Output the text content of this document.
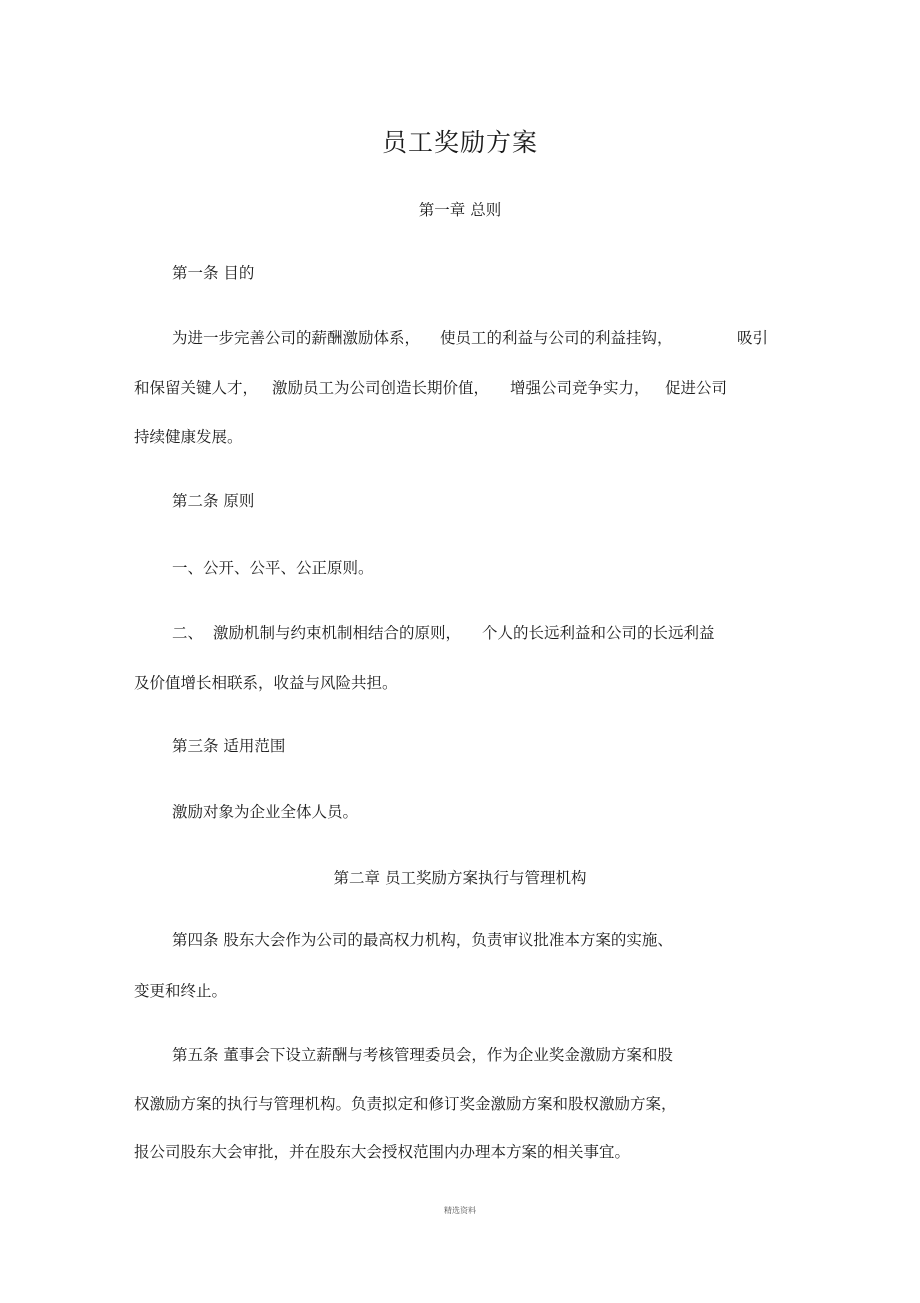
员工奖励方案
第一章 总则
第一条 目的
为进一步完善公司的薪酬激励体系， 使员工的利益与公司的利益挂钩，	吸引
和保留关键人才， 激励员工为公司创造长期价值， 增强公司竞争实力， 促进公司
持续健康发展。
第二条 原则
一、公开、公平、公正原则。
二、 激励机制与约束机制相结合的原则， 个人的长远利益和公司的长远利益
及价值增长相联系，收益与风险共担。
第三条 适用范围
激励对象为企业全体人员。
第二章 员工奖励方案执行与管理机构
第四条 股东大会作为公司的最高权力机构，负责审议批准本方案的实施、
变更和终止。
第五条 董事会下设立薪酬与考核管理委员会，作为企业奖金激励方案和股
权激励方案的执行与管理机构。负责拟定和修订奖金激励方案和股权激励方案，
报公司股东大会审批，并在股东大会授权范围内办理本方案的相关事宜。
精选资料
